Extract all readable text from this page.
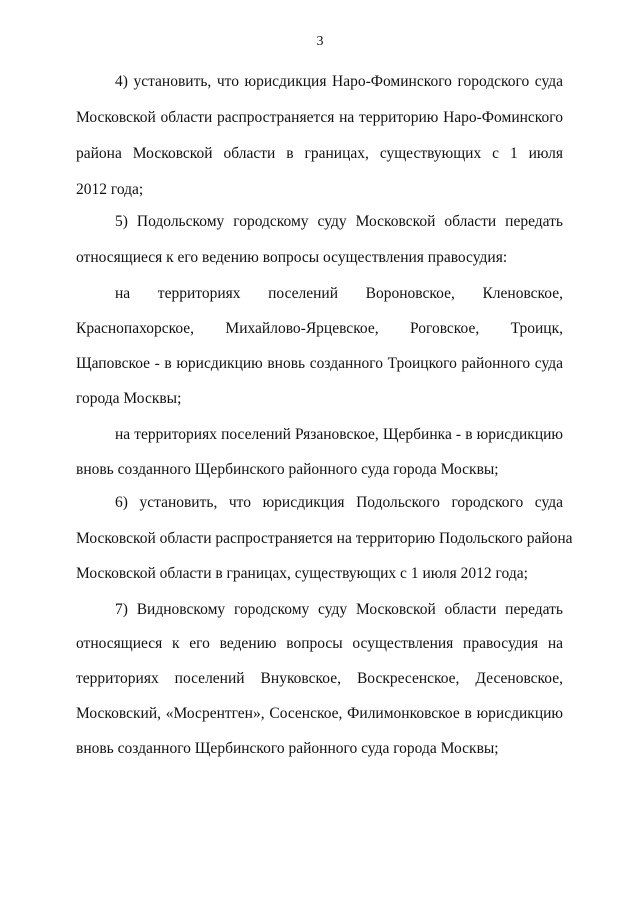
3
4) установить, что юрисдикция Наро-Фоминского городского суда
Московской области распространяется на территорию Наро-Фоминского
района Московской области в границах, существующих с 1 июля
2012 года;
5) Подольскому городскому суду Московской области передать
относящиеся к его ведению вопросы осуществления правосудия:
на территориях поселений Вороновское, Кленовское,
Краснопахорское, Михайлово-Ярцевское, Роговское, Троицк,
Щаповское - в юрисдикцию вновь созданного Троицкого районного суда
города Москвы;
на территориях поселений Рязановское, Щербинка - в юрисдикцию
вновь созданного Щербинского районного суда города Москвы;
6) установить, что юрисдикция Подольского городского суда
Московской области распространяется на территорию Подольского района
Московской области в границах, существующих с 1 июля 2012 года;
7) Видновскому городскому суду Московской области передать
относящиеся к его ведению вопросы осуществления правосудия на
территориях поселений Внуковское, Воскресенское, Десеновское,
Московский, «Мосрентген», Сосенское, Филимонковское в юрисдикцию
вновь созданного Щербинского районного суда города Москвы;
